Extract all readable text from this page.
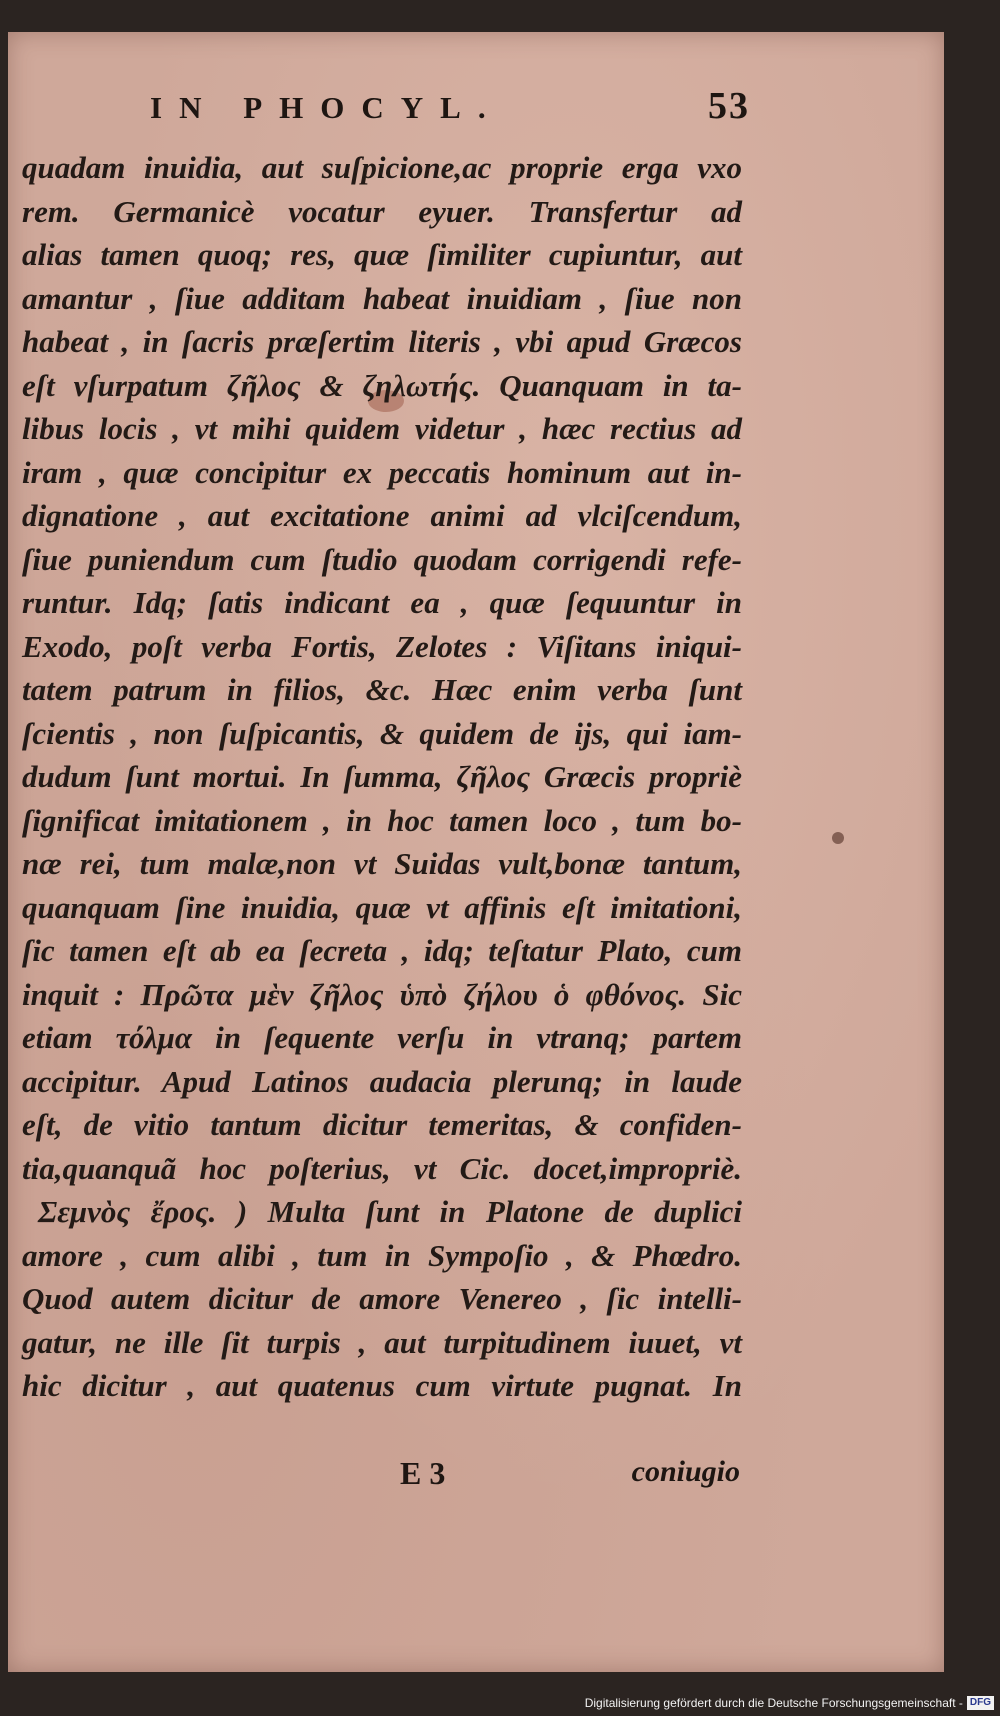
IN PHOCYL.	53
quadam inuidia, aut suſpicione,ac proprie erga vxo
rem. Germanicè vocatur eyuer. Transfertur ad
alias tamen quoq; res, quæ ſimiliter cupiuntur, aut
amantur , ſiue additam habeat inuidiam , ſiue non
habeat , in ſacris præſertim literis , vbi apud Græcos
eſt vſurpatum ζῆλος & ζηλωτής. Quanquam in ta-
libus locis , vt mihi quidem videtur , hæc rectius ad
iram , quæ concipitur ex peccatis hominum aut in-
dignatione , aut excitatione animi ad vlciſcendum,
ſiue puniendum cum ſtudio quodam corrigendi refe-
runtur. Idq; ſatis indicant ea , quæ ſequuntur in
Exodo, poſt verba Fortis, Zelotes : Viſitans iniqui-
tatem patrum in filios, &c. Hæc enim verba ſunt
ſcientis , non ſuſpicantis, & quidem de ijs, qui iam-
dudum ſunt mortui. In ſumma, ζῆλος Græcis propriè
ſignificat imitationem , in hoc tamen loco , tum bo-
næ rei, tum malæ,non vt Suidas vult,bonæ tantum,
quanquam ſine inuidia, quæ vt affinis eſt imitationi,
ſic tamen eſt ab ea ſecreta , idq; teſtatur Plato, cum
inquit : Πρῶτα μὲν ζῆλος ὑπὸ ζήλου ὁ φθόνος. Sic
etiam τόλμα in ſequente verſu in vtranq; partem
accipitur. Apud Latinos audacia plerunq; in laude
eſt, de vitio tantum dicitur temeritas, & confiden-
tia,quanquã hoc poſterius, vt Cic. docet,impropriè.
Σεμνὸς ἔρος. ) Multa ſunt in Platone de duplici
amore , cum alibi , tum in Sympoſio , & Phœdro.
Quod autem dicitur de amore Venereo , ſic intelli-
gatur, ne ille ſit turpis , aut turpitudinem iuuet, vt
hic dicitur , aut quatenus cum virtute pugnat. In
E 3	coniugio
Digitalisierung gefördert durch die Deutsche Forschungsgemeinschaft - DFG
